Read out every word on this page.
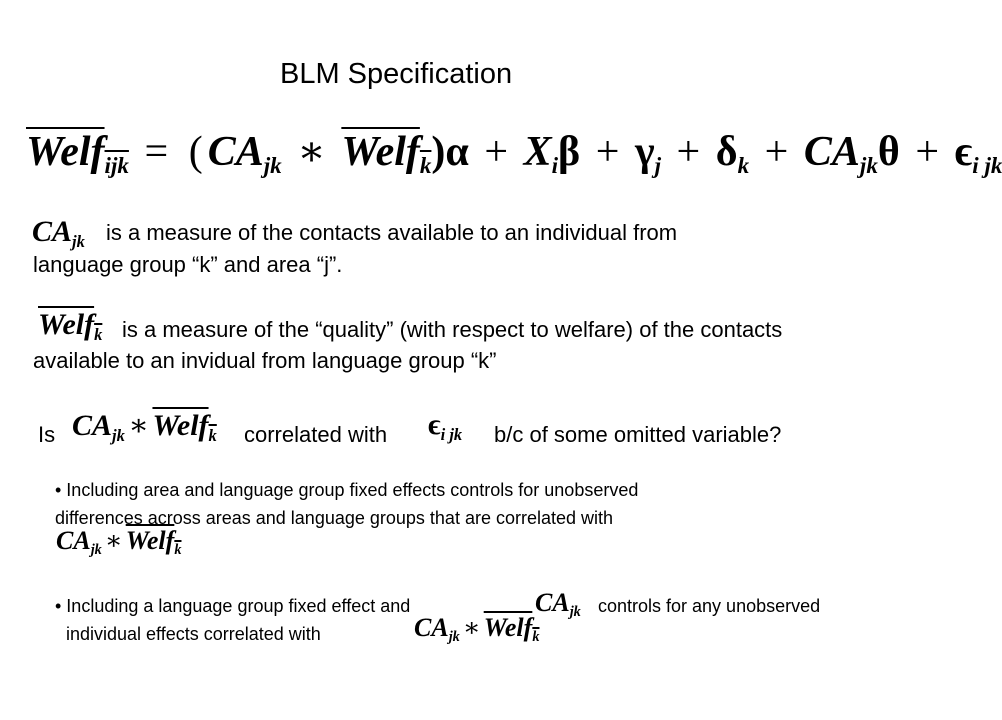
BLM Specification
Welf$_{ijk}$ = ( $CA_{jk}$ ∗ Welf$_k$)α + $X_i\beta + \gamma_j + \delta_k + CA_{jk}\theta + \epsilon_{i jk}$
$CA_{jk}$ is a measure of the contacts available to an individual from
language group “k” and area “j”.
Welf$_k$ is a measure of the “quality” (with respect to welfare) of the contacts
available to an invidual from language group “k”
Is $CA_{jk}$ ∗ Welf$_k$ correlated with $\epsilon_{i jk}$ b/c of some omitted variable?
• Including area and language group fixed effects controls for unobserved
differences across areas and language groups that are correlated with
$CA_{jk}$ ∗ Welf$_k$
• Including a language group fixed effect and	$CA_{jk}$ controls for any unobserved
individual effects correlated with	$CA_{jk}$ ∗ Welf$_k$
